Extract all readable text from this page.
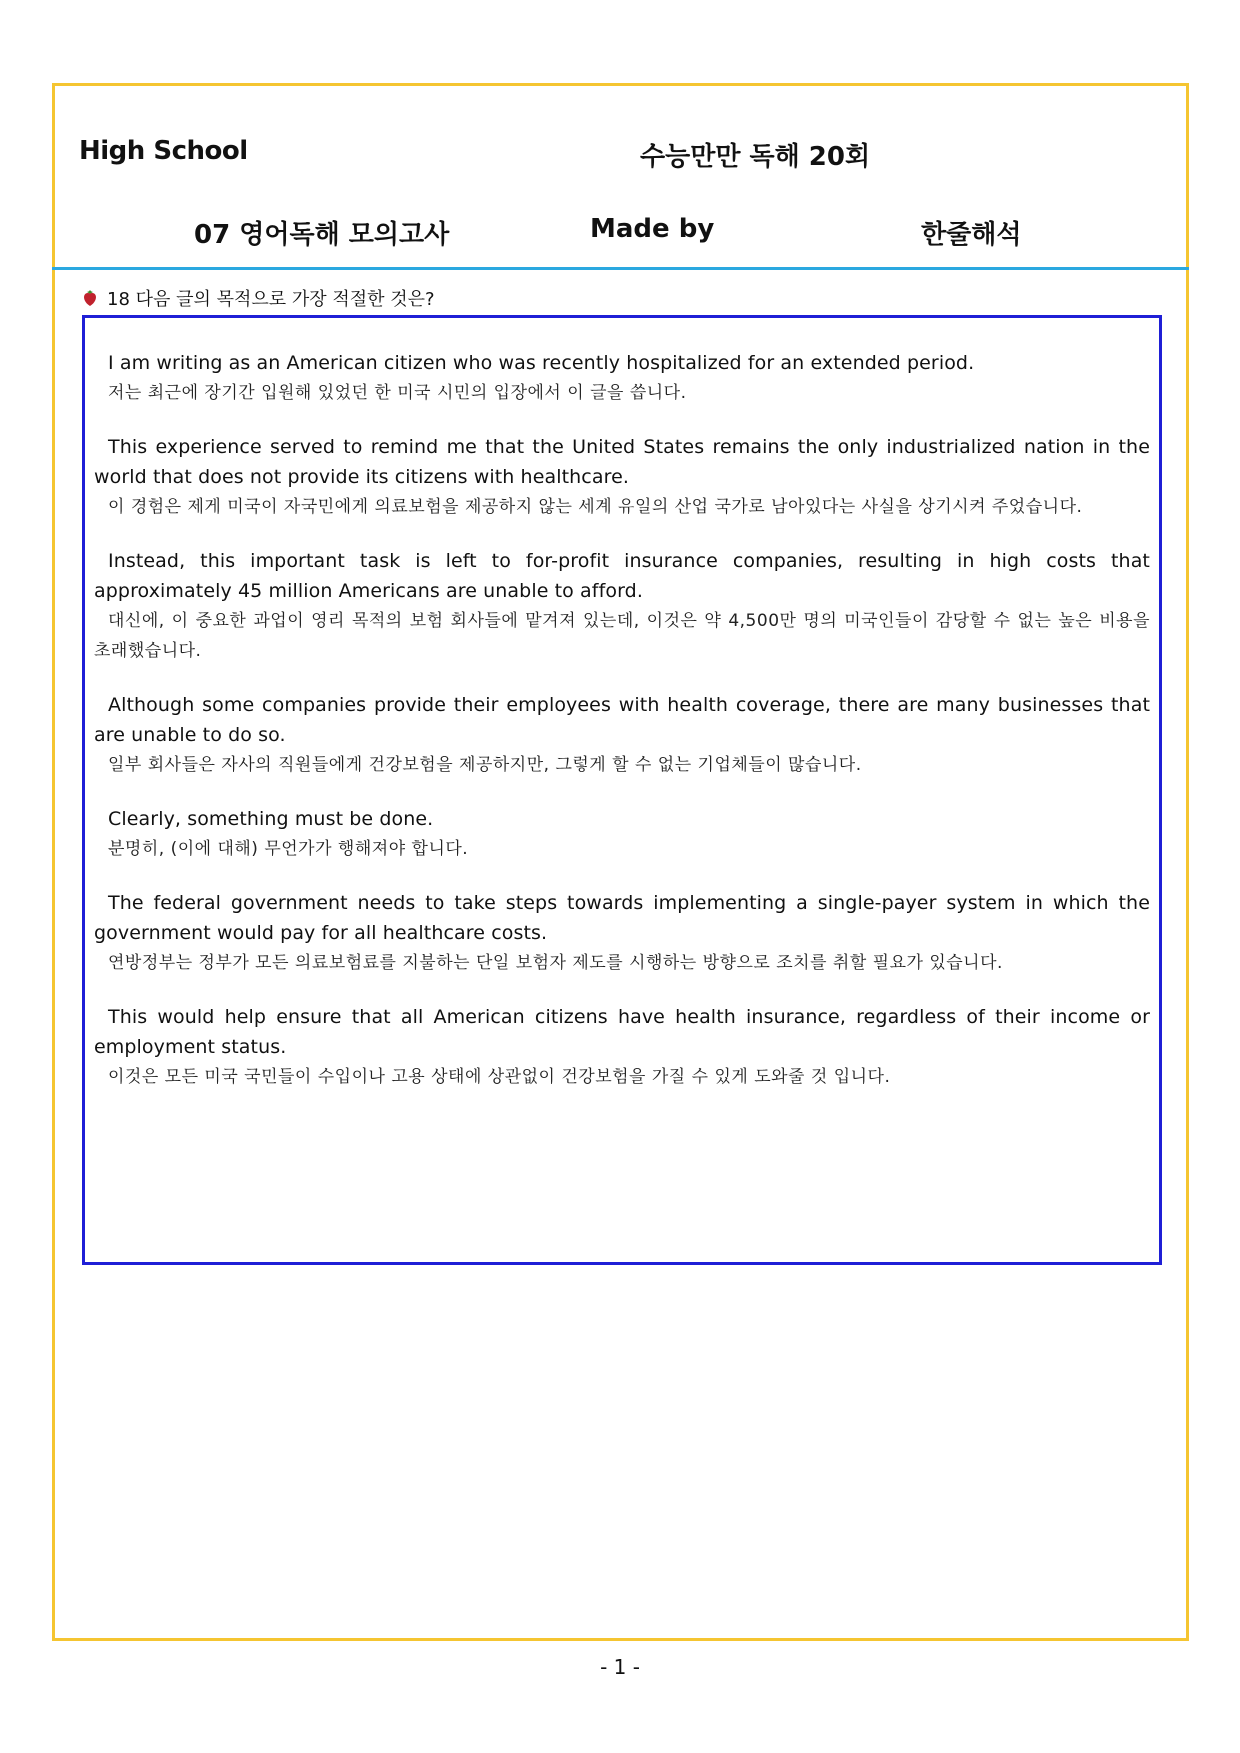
High School	수능만만 독해 20회
07 영어독해 모의고사	Made by	한줄해석
18 다음 글의 목적으로 가장 적절한 것은?
I am writing as an American citizen who was recently hospitalized for an extended period.
저는 최근에 장기간 입원해 있었던 한 미국 시민의 입장에서 이 글을 씁니다.
This experience served to remind me that the United States remains the only industrialized nation in the world that does not provide its citizens with healthcare.
이 경험은 제게 미국이 자국민에게 의료보험을 제공하지 않는 세계 유일의 산업 국가로 남아있다는 사실을 상기시켜 주었습니다.
Instead, this important task is left to for-profit insurance companies, resulting in high costs that approximately 45 million Americans are unable to afford.
대신에, 이 중요한 과업이 영리 목적의 보험 회사들에 맡겨져 있는데, 이것은 약 4,500만 명의 미국인들이 감당할 수 없는 높은 비용을 초래했습니다.
Although some companies provide their employees with health coverage, there are many businesses that are unable to do so.
일부 회사들은 자사의 직원들에게 건강보험을 제공하지만, 그렇게 할 수 없는 기업체들이 많습니다.
Clearly, something must be done.
분명히, (이에 대해) 무언가가 행해져야 합니다.
The federal government needs to take steps towards implementing a single-payer system in which the government would pay for all healthcare costs.
연방정부는 정부가 모든 의료보험료를 지불하는 단일 보험자 제도를 시행하는 방향으로 조치를 취할 필요가 있습니다.
This would help ensure that all American citizens have health insurance, regardless of their income or employment status.
이것은 모든 미국 국민들이 수입이나 고용 상태에 상관없이 건강보험을 가질 수 있게 도와줄 것 입니다.
- 1 -
